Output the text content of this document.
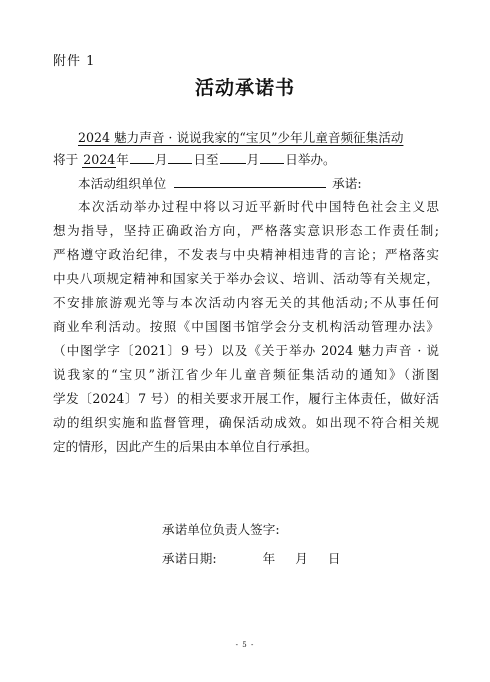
附件 1
活动承诺书
2024 魅力声音 · 说说我家的“宝贝”少年儿童音频征集活动
将于 2024年 月 日至 月 日举办。
本活动组织单位	承诺:
本次活动举办过程中将以习近平新时代中国特色社会主义思
想为指导，坚持正确政治方向，严格落实意识形态工作责任制;
严格遵守政治纪律，不发表与中央精神相违背的言论；严格落实
中央八项规定精神和国家关于举办会议、培训、活动等有关规定，
不安排旅游观光等与本次活动内容无关的其他活动;不从事任何
商业牟利活动。按照《中国图书馆学会分支机构活动管理办法》
（中图学字〔2021〕9 号）以及《关于举办 2024 魅力声音 · 说
说我家的“宝贝”浙江省少年儿童音频征集活动的通知》（浙图
学发〔2024〕7 号）的相关要求开展工作，履行主体责任，做好活
动的组织实施和监督管理，确保活动成效。如出现不符合相关规
定的情形，因此产生的后果由本单位自行承担。
承诺单位负责人签字:
承诺日期:	年 月 日
- 5 -
